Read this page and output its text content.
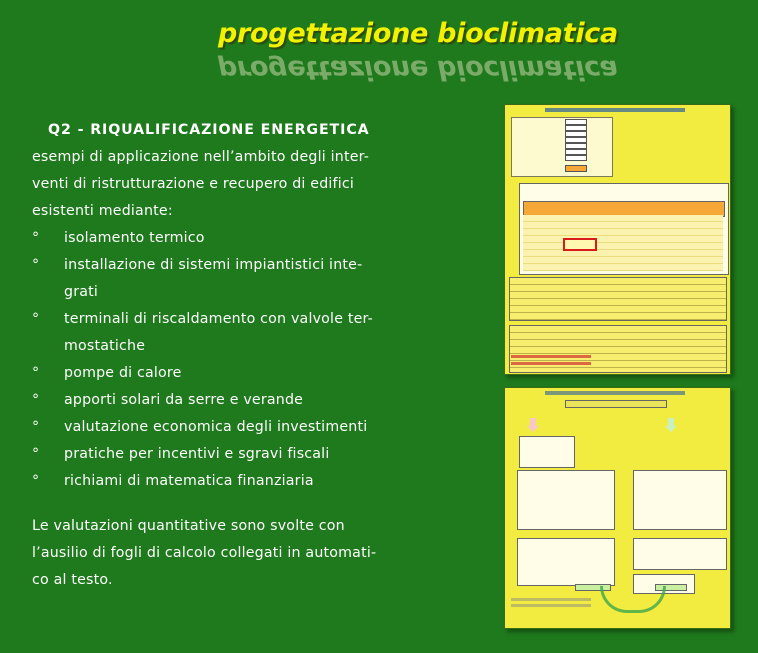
progettazione bioclimatica
progettazione bioclimatica
Q2 - RIQUALIFICAZIONE ENERGETICA
esempi di applicazione nell’ambito degli inter-
venti di ristrutturazione e recupero di edifici
esistenti mediante:
° isolamento termico
° installazione di sistemi impiantistici inte-
grati
° terminali di riscaldamento con valvole ter-
mostatiche
° pompe di calore
° apporti solari da serre e verande
° valutazione economica degli investimenti
° pratiche per incentivi e sgravi fiscali
° richiami di matematica finanziaria
Le valutazioni quantitative sono svolte con
l’ausilio di fogli di calcolo collegati in automati-
co al testo.
